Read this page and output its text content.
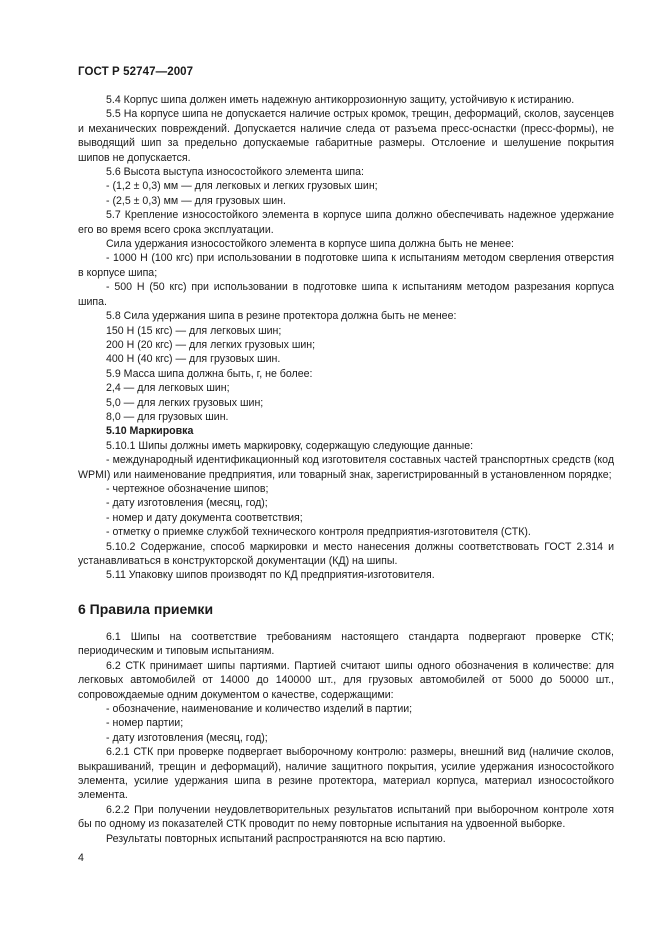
ГОСТ Р 52747—2007

5.4 Корпус шипа должен иметь надежную антикоррозионную защиту, устойчивую к истиранию.

5.5 На корпусе шипа не допускается наличие острых кромок, трещин, деформаций, сколов, заусенцев и механических повреждений. Допускается наличие следа от разъема пресс-оснастки (пресс-формы), не выводящий шип за предельно допускаемые габаритные размеры. Отслоение и шелушение покрытия шипов не допускается.

5.6 Высота выступа износостойкого элемента шипа:

- (1,2 ± 0,3) мм — для легковых и легких грузовых шин;

- (2,5 ± 0,3) мм — для грузовых шин.

5.7 Крепление износостойкого элемента в корпусе шипа должно обеспечивать надежное удержание его во время всего срока эксплуатации.

Сила удержания износостойкого элемента в корпусе шипа должна быть не менее:

- 1000 Н (100 кгс) при использовании в подготовке шипа к испытаниям методом сверления отверстия в корпусе шипа;

- 500 Н (50 кгс) при использовании в подготовке шипа к испытаниям методом разрезания корпуса шипа.

5.8 Сила удержания шипа в резине протектора должна быть не менее:

150 Н (15 кгс) — для легковых шин;

200 Н (20 кгс) — для легких грузовых шин;

400 Н (40 кгс) — для грузовых шин.

5.9 Масса шипа должна быть, г, не более:

2,4 — для легковых шин;

5,0 — для легких грузовых шин;

8,0 — для грузовых шин.

5.10 Маркировка

5.10.1 Шипы должны иметь маркировку, содержащую следующие данные:

- международный идентификационный код изготовителя составных частей транспортных средств (код WPMI) или наименование предприятия, или товарный знак, зарегистрированный в установленном порядке;

- чертежное обозначение шипов;

- дату изготовления (месяц, год);

- номер и дату документа соответствия;

- отметку о приемке службой технического контроля предприятия-изготовителя (СТК).

5.10.2 Содержание, способ маркировки и место нанесения должны соответствовать ГОСТ 2.314 и устанавливаться в конструкторской документации (КД) на шипы.

5.11 Упаковку шипов производят по КД предприятия-изготовителя.

6 Правила приемки

6.1 Шипы на соответствие требованиям настоящего стандарта подвергают проверке СТК; периодическим и типовым испытаниям.

6.2 СТК принимает шипы партиями. Партией считают шипы одного обозначения в количестве: для легковых автомобилей от 14000 до 140000 шт., для грузовых автомобилей от 5000 до 50000 шт., сопровождаемые одним документом о качестве, содержащими:

- обозначение, наименование и количество изделий в партии;

- номер партии;

- дату изготовления (месяц, год);

6.2.1 СТК при проверке подвергает выборочному контролю: размеры, внешний вид (наличие сколов, выкрашиваний, трещин и деформаций), наличие защитного покрытия, усилие удержания износостойкого элемента, усилие удержания шипа в резине протектора, материал корпуса, материал износостойкого элемента.

6.2.2 При получении неудовлетворительных результатов испытаний при выборочном контроле хотя бы по одному из показателей СТК проводит по нему повторные испытания на удвоенной выборке.

Результаты повторных испытаний распространяются на всю партию.

4
